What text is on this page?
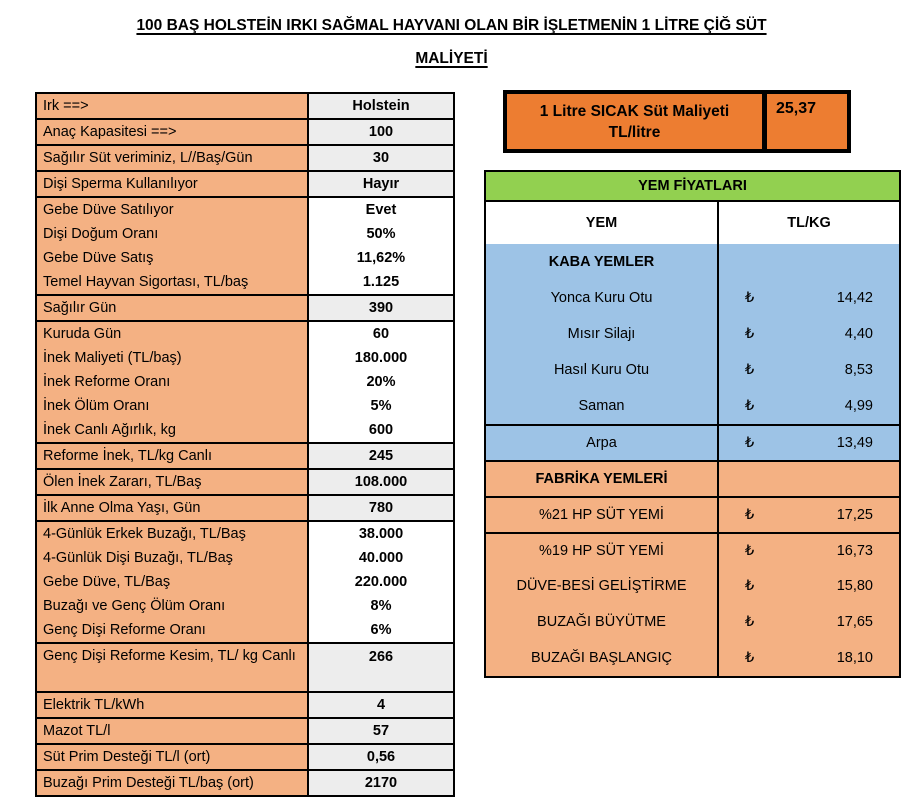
100 BAŞ HOLSTEİN IRKI SAĞMAL HAYVANI OLAN BİR İŞLETMENİN 1 LİTRE ÇİĞ SÜT
MALİYETİ
Irk ==>	Holstein
Anaç Kapasitesi ==>	100
Sağılır Süt veriminiz, L//Baş/Gün	30
Dişi Sperma Kullanılıyor	Hayır
Gebe Düve Satılıyor	Evet
Dişi Doğum Oranı	50%
Gebe Düve Satış	11,62%
Temel Hayvan Sigortası, TL/baş	1.125
Sağılır Gün	390
Kuruda Gün	60
İnek Maliyeti (TL/baş)	180.000
İnek Reforme Oranı	20%
İnek Ölüm Oranı	5%
İnek Canlı Ağırlık, kg	600
Reforme İnek, TL/kg Canlı	245
Ölen İnek Zararı, TL/Baş	108.000
İlk Anne Olma Yaşı, Gün	780
4-Günlük Erkek Buzağı, TL/Baş	38.000
4-Günlük Dişi Buzağı, TL/Baş	40.000
Gebe Düve, TL/Baş	220.000
Buzağı ve Genç Ölüm Oranı	8%
Genç Dişi Reforme Oranı	6%
Genç Dişi Reforme Kesim, TL/ kg Canlı	266
Elektrik TL/kWh	4
Mazot TL/l	57
Süt Prim Desteği TL/l (ort)	0,56
Buzağı Prim Desteği TL/baş (ort)	2170
1 Litre SICAK Süt Maliyeti TL/litre
25,37
YEM FİYATLARI
YEM	TL/KG
KABA YEMLER
Yonca Kuru Otu	₺	14,42
Mısır Silajı	₺	4,40
Hasıl Kuru Otu	₺	8,53
Saman	₺	4,99
Arpa	₺	13,49
FABRİKA YEMLERİ
%21 HP SÜT YEMİ	₺	17,25
%19 HP SÜT YEMİ	₺	16,73
DÜVE-BESİ GELİŞTİRME	₺	15,80
BUZAĞI BÜYÜTME	₺	17,65
BUZAĞI BAŞLANGIÇ	₺	18,10
